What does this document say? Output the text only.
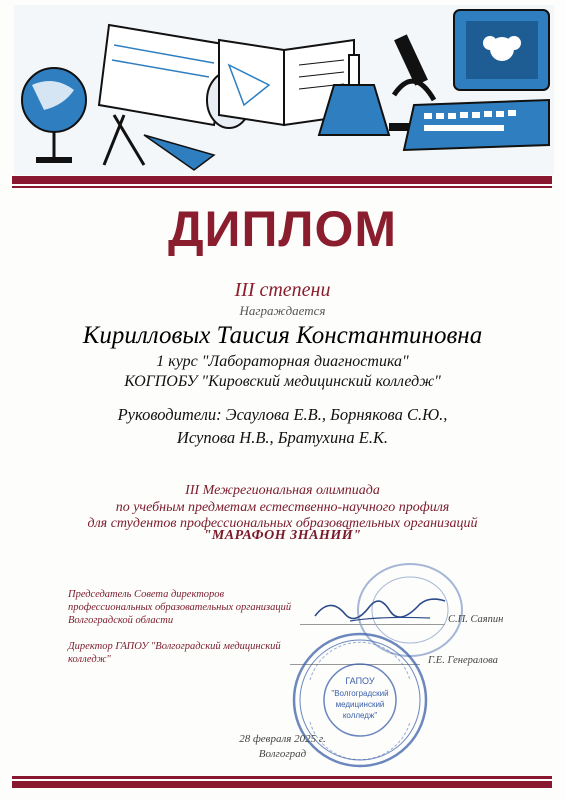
ДИПЛОМ
III степени
Награждается
Кирилловых Таисия Константиновна
1 курс "Лабораторная диагностика"
КОГПОБУ "Кировский медицинский колледж"
Руководители: Эсаулова Е.В., Борнякова С.Ю.,
Исупова Н.В., Братухина Е.К.
III Межрегиональная олимпиада
по учебным предметам естественно-научного профиля
для студентов профессиональных образовательных организаций
"МАРАФОН ЗНАНИЙ"
Председатель Совета директоров профессиональных образовательных организаций Волгоградской области	С.П. Саяпин
Директор ГАПОУ "Волгоградский медицинский колледж"	Г.Е. Генералова
ГАПОУ
"Волгоградский
медицинский
колледж"
28 февраля 2025 г.
Волгоград
